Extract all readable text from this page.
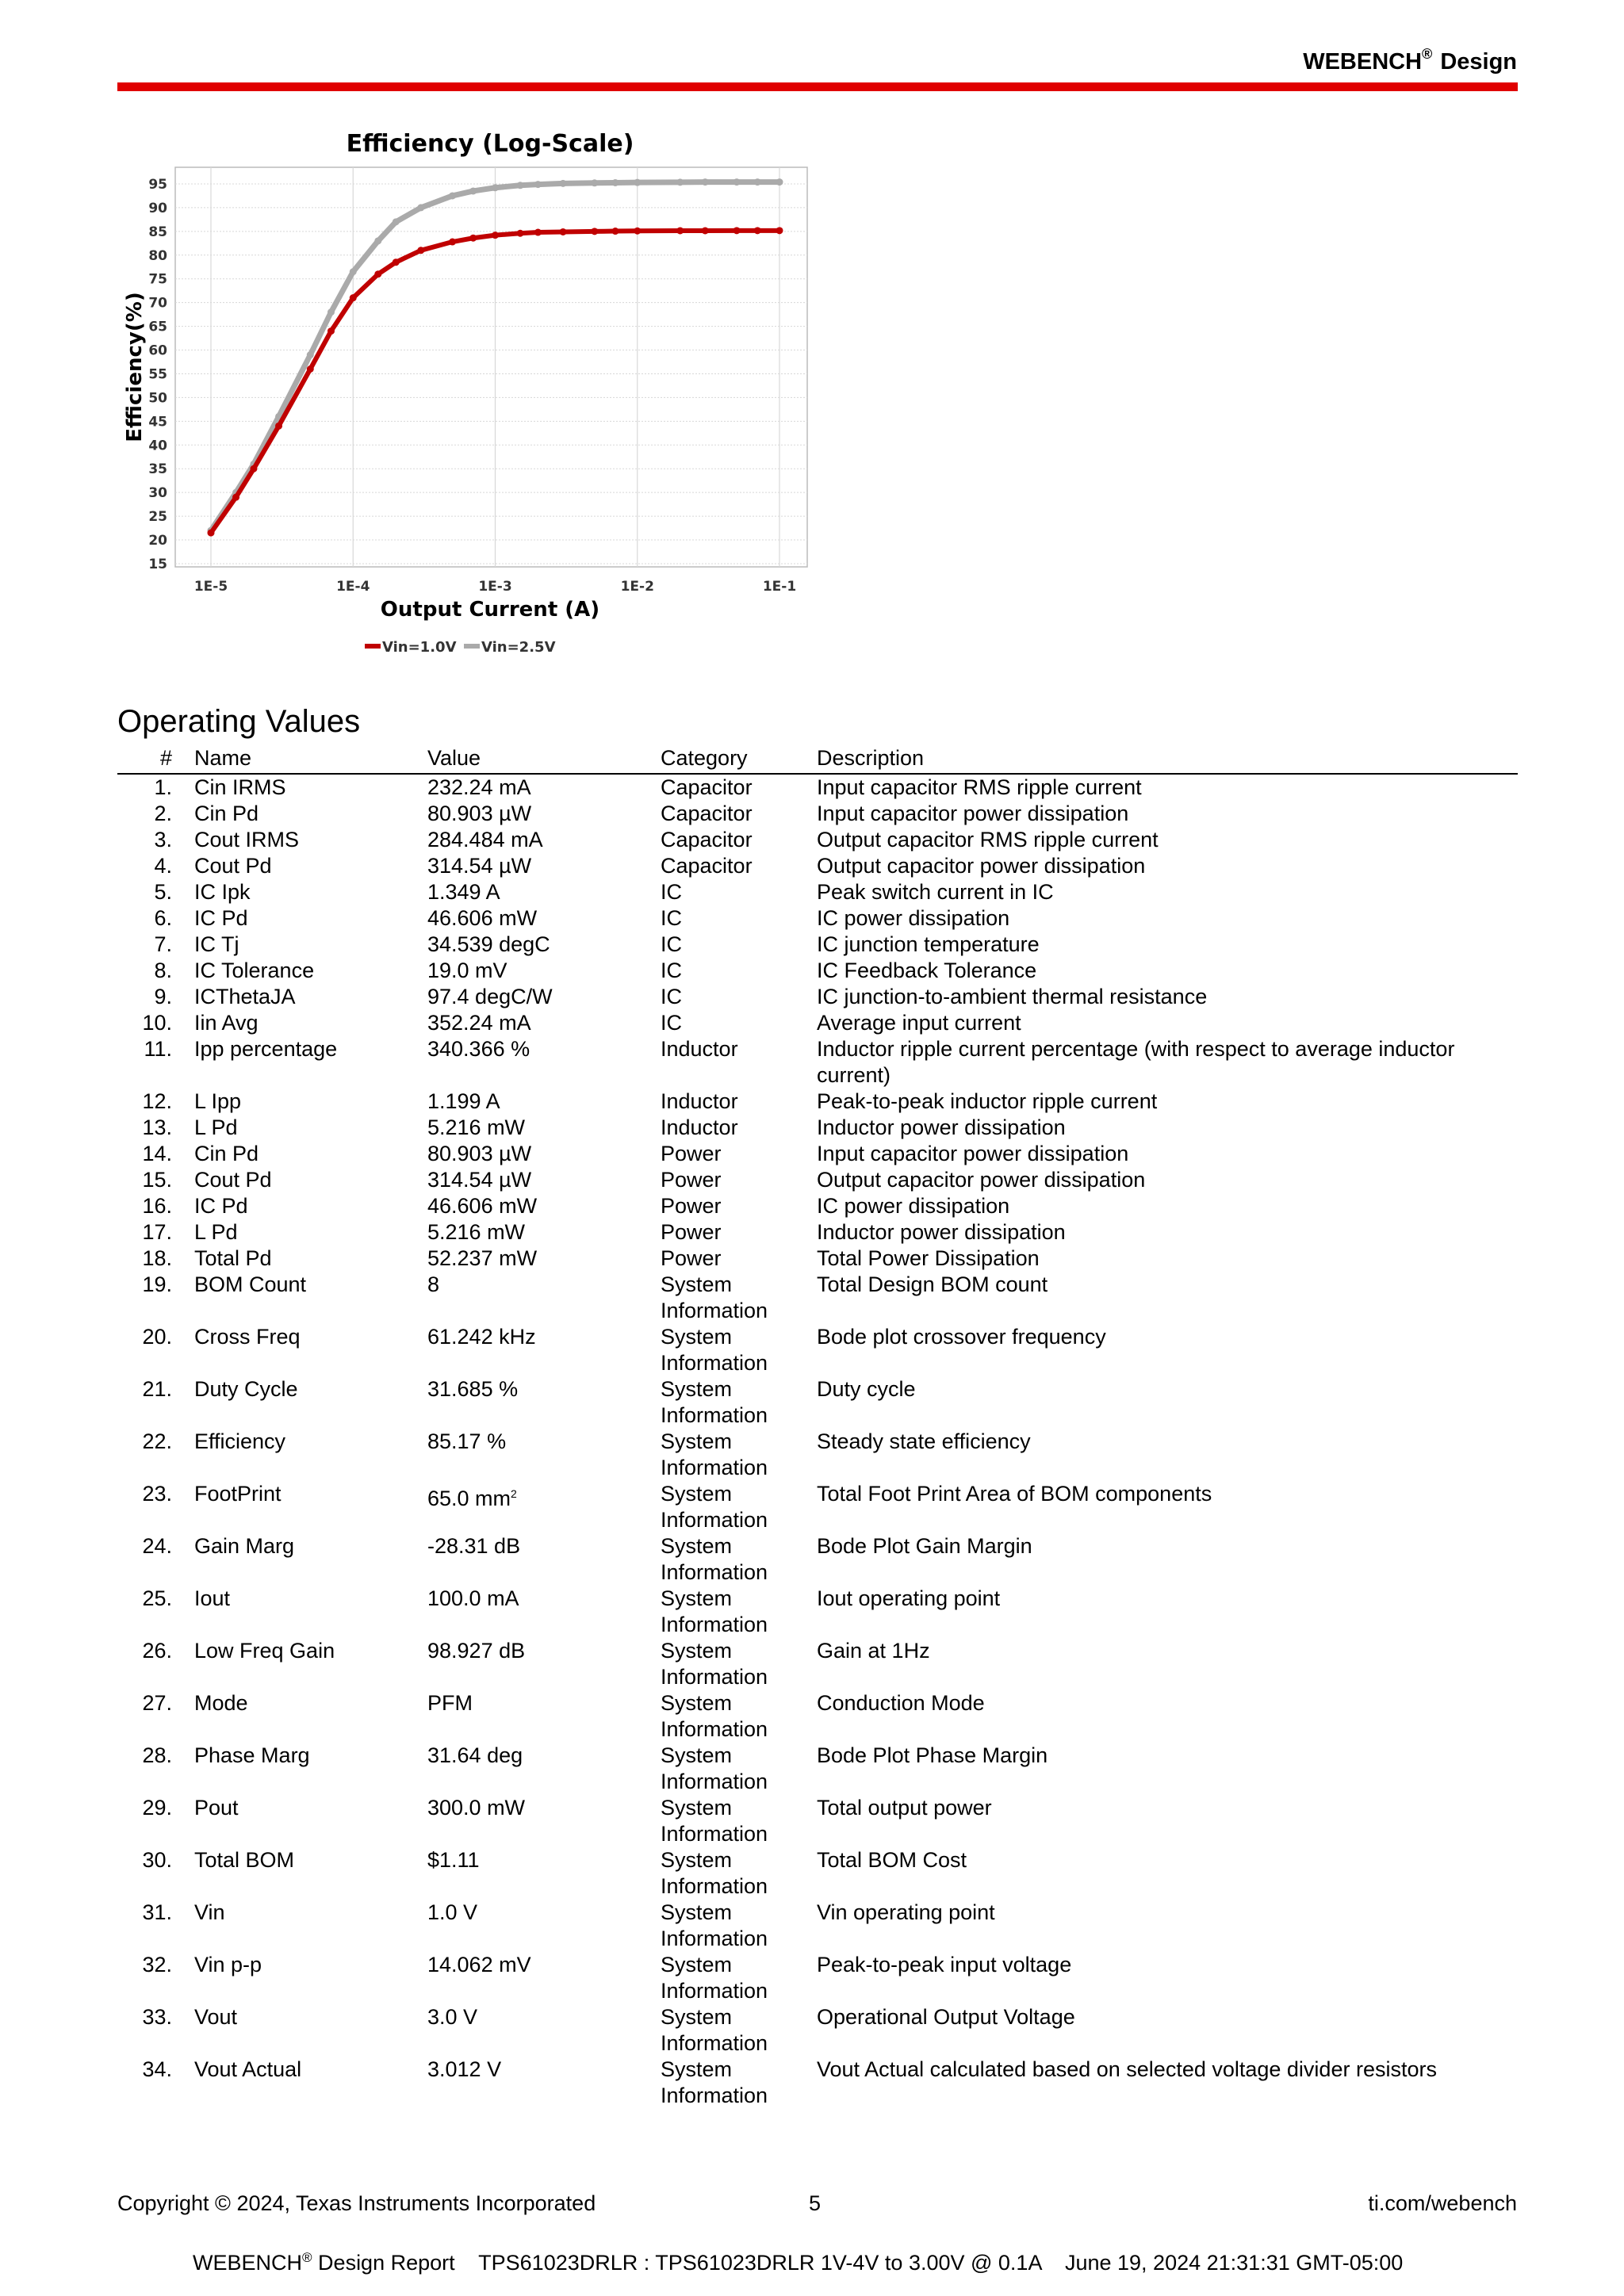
WEBENCH® Design
Efficiency (Log-Scale)
15
20
25
30
35
40
45
50
55
60
65
70
75
80
85
90
95
1E-5	1E-4	1E-3	1E-2	1E-1
Output Current (A)
Efficiency(%)
Vin=1.0V Vin=2.5V
Operating Values
#	Name	Value	Category	Description
1.	Cin IRMS	232.24 mA	Capacitor	Input capacitor RMS ripple current
2.	Cin Pd	80.903 µW	Capacitor	Input capacitor power dissipation
3.	Cout IRMS	284.484 mA	Capacitor	Output capacitor RMS ripple current
4.	Cout Pd	314.54 µW	Capacitor	Output capacitor power dissipation
5.	IC Ipk	1.349 A	IC	Peak switch current in IC
6.	IC Pd	46.606 mW	IC	IC power dissipation
7.	IC Tj	34.539 degC	IC	IC junction temperature
8.	IC Tolerance	19.0 mV	IC	IC Feedback Tolerance
9.	ICThetaJA	97.4 degC/W	IC	IC junction-to-ambient thermal resistance
10.	Iin Avg	352.24 mA	IC	Average input current
11.	Ipp percentage	340.366 %	Inductor	Inductor ripple current percentage (with respect to average inductor current)
12.	L Ipp	1.199 A	Inductor	Peak-to-peak inductor ripple current
13.	L Pd	5.216 mW	Inductor	Inductor power dissipation
14.	Cin Pd	80.903 µW	Power	Input capacitor power dissipation
15.	Cout Pd	314.54 µW	Power	Output capacitor power dissipation
16.	IC Pd	46.606 mW	Power	IC power dissipation
17.	L Pd	5.216 mW	Power	Inductor power dissipation
18.	Total Pd	52.237 mW	Power	Total Power Dissipation
19.	BOM Count	8	System Information	Total Design BOM count
20.	Cross Freq	61.242 kHz	System Information	Bode plot crossover frequency
21.	Duty Cycle	31.685 %	System Information	Duty cycle
22.	Efficiency	85.17 %	System Information	Steady state efficiency
23.	FootPrint	65.0 $mm^2$	System Information	Total Foot Print Area of BOM components
24.	Gain Marg	-28.31 dB	System Information	Bode Plot Gain Margin
25.	Iout	100.0 mA	System Information	Iout operating point
26.	Low Freq Gain	98.927 dB	System Information	Gain at 1Hz
27.	Mode	PFM	System Information	Conduction Mode
28.	Phase Marg	31.64 deg	System Information	Bode Plot Phase Margin
29.	Pout	300.0 mW	System Information	Total output power
30.	Total BOM	$1.11	System Information	Total BOM Cost
31.	Vin	1.0 V	System Information	Vin operating point
32.	Vin p-p	14.062 mV	System Information	Peak-to-peak input voltage
33.	Vout	3.0 V	System Information	Operational Output Voltage
34.	Vout Actual	3.012 V	System Information	Vout Actual calculated based on selected voltage divider resistors
Copyright © 2024, Texas Instruments Incorporated	5	ti.com/webench
WEBENCH® Design Report    TPS61023DRLR : TPS61023DRLR 1V-4V to 3.00V @ 0.1A    June 19, 2024 21:31:31 GMT-05:00
